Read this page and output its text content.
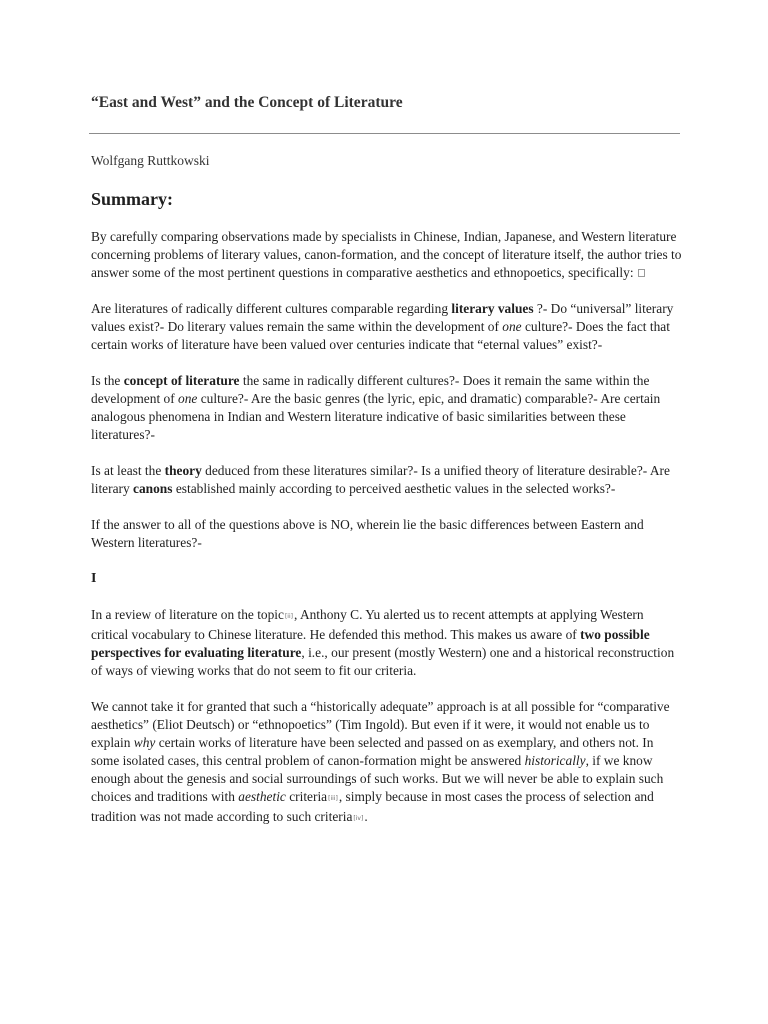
“East and West” and the Concept of Literature

Wolfgang Ruttkowski

Summary:

By carefully comparing observations made by specialists in Chinese, Indian, Japanese, and Western literature concerning problems of literary values, canon-formation, and the concept of literature itself, the author tries to answer some of the most pertinent questions in comparative aesthetics and ethnopoetics, specifically:

Are literatures of radically different cultures comparable regarding literary values ?- Do “universal” literary values exist?- Do literary values remain the same within the development of one culture?- Does the fact that certain works of literature have been valued over centuries indicate that “eternal values” exist?-

Is the concept of literature the same in radically different cultures?- Does it remain the same within the development of one culture?- Are the basic genres (the lyric, epic, and dramatic) comparable?- Are certain analogous phenomena in Indian and Western literature indicative of basic similarities between these literatures?-

Is at least the theory deduced from these literatures similar?- Is a unified theory of literature desirable?- Are literary canons established mainly according to perceived aesthetic values in the selected works?-

If the answer to all of the questions above is NO, wherein lie the basic differences between Eastern and Western literatures?-

I

In a review of literature on the topic[ii], Anthony C. Yu alerted us to recent attempts at applying Western critical vocabulary to Chinese literature. He defended this method. This makes us aware of two possible perspectives for evaluating literature, i.e., our present (mostly Western) one and a historical reconstruction of ways of viewing works that do not seem to fit our criteria.

We cannot take it for granted that such a “historically adequate” approach is at all possible for “comparative aesthetics” (Eliot Deutsch) or “ethnopoetics” (Tim Ingold). But even if it were, it would not enable us to explain why certain works of literature have been selected and passed on as exemplary, and others not. In some isolated cases, this central problem of canon-formation might be answered historically, if we know enough about the genesis and social surroundings of such works. But we will never be able to explain such choices and traditions with aesthetic criteria[iii], simply because in most cases the process of selection and tradition was not made according to such criteria[iv].
